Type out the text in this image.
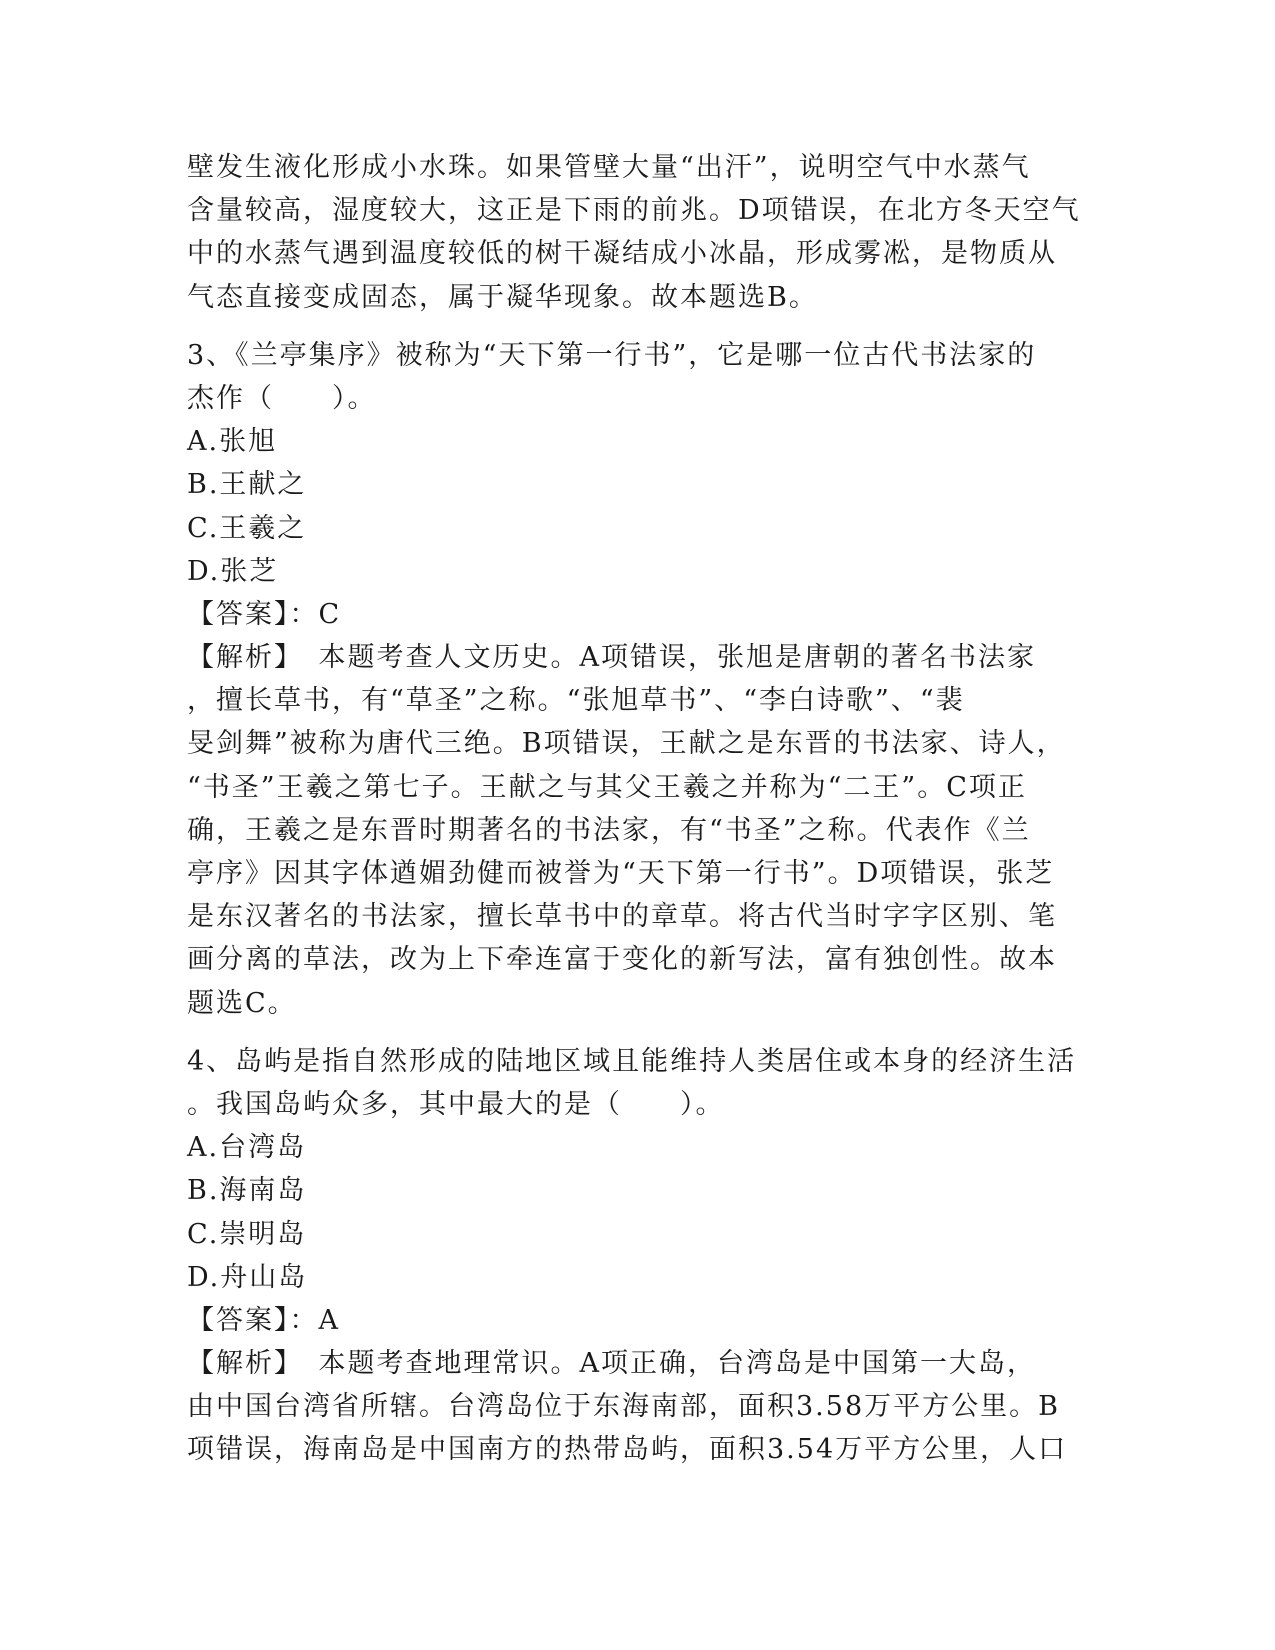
壁发生液化形成小水珠。如果管壁大量“出汗”，说明空气中水蒸气
含量较高，湿度较大，这正是下雨的前兆。D项错误，在北方冬天空气
中的水蒸气遇到温度较低的树干凝结成小冰晶，形成雾凇，是物质从
气态直接变成固态，属于凝华现象。故本题选B。
3、《兰亭集序》被称为“天下第一行书”，它是哪一位古代书法家的
杰作（　　）。
A.张旭
B.王献之
C.王羲之
D.张芝
【答案】：C
【解析】　本题考查人文历史。A项错误，张旭是唐朝的著名书法家
，擅长草书，有“草圣”之称。“张旭草书”、“李白诗歌”、“裴
旻剑舞”被称为唐代三绝。B项错误，王献之是东晋的书法家、诗人，
“书圣”王羲之第七子。王献之与其父王羲之并称为“二王”。C项正
确，王羲之是东晋时期著名的书法家，有“书圣”之称。代表作《兰
亭序》因其字体遒媚劲健而被誉为“天下第一行书”。D项错误，张芝
是东汉著名的书法家，擅长草书中的章草。将古代当时字字区别、笔
画分离的草法，改为上下牵连富于变化的新写法，富有独创性。故本
题选C。
4、岛屿是指自然形成的陆地区域且能维持人类居住或本身的经济生活
。我国岛屿众多，其中最大的是（　　）。
A.台湾岛
B.海南岛
C.崇明岛
D.舟山岛
【答案】：A
【解析】　本题考查地理常识。A项正确，台湾岛是中国第一大岛，
由中国台湾省所辖。台湾岛位于东海南部，面积3.58万平方公里。B
项错误，海南岛是中国南方的热带岛屿，面积3.54万平方公里，人口
